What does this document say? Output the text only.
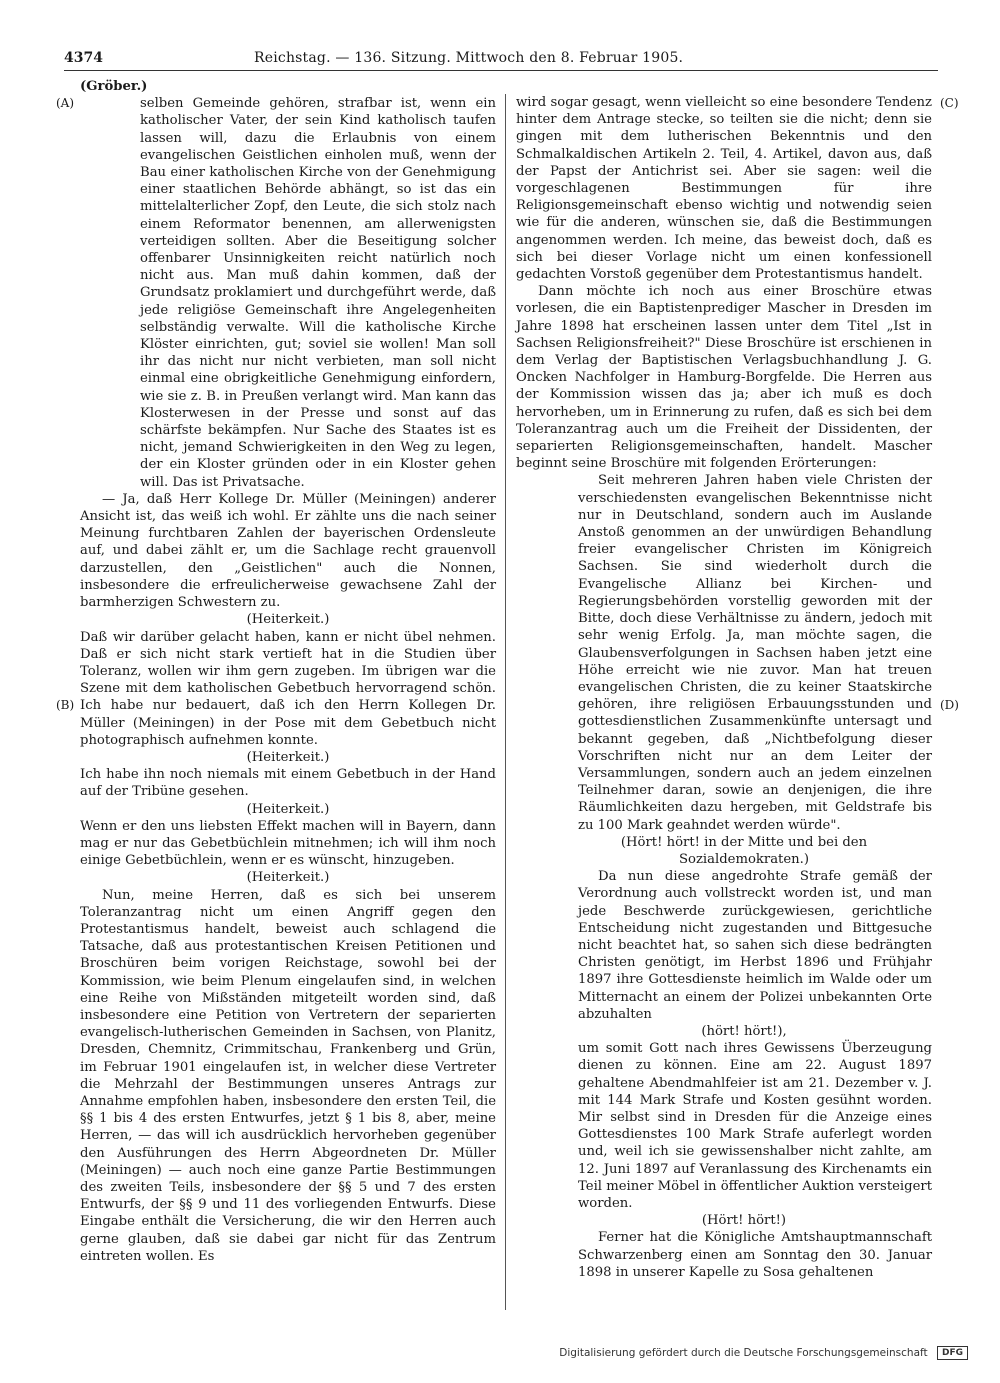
4374	Reichstag. — 136. Sitzung. Mittwoch den 8. Februar 1905.
(A)
(B)
(C)
(D)

(Gröber.)

selben Gemeinde gehören, strafbar ist, wenn ein katholischer Vater, der sein Kind katholisch taufen lassen will, dazu die Erlaubnis von einem evangelischen Geistlichen einholen muß, wenn der Bau einer katholischen Kirche von der Genehmigung einer staatlichen Behörde abhängt, so ist das ein mittelalterlicher Zopf, den Leute, die sich stolz nach einem Reformator benennen, am allerwenigsten verteidigen sollten. Aber die Beseitigung solcher offenbarer Unsinnigkeiten reicht natürlich noch nicht aus. Man muß dahin kommen, daß der Grundsatz proklamiert und durchgeführt werde, daß jede religiöse Gemeinschaft ihre Angelegenheiten selbständig verwalte. Will die katholische Kirche Klöster einrichten, gut; soviel sie wollen! Man soll ihr das nicht nur nicht verbieten, man soll nicht einmal eine obrigkeitliche Genehmigung einfordern, wie sie z. B. in Preußen verlangt wird. Man kann das Klosterwesen in der Presse und sonst auf das schärfste bekämpfen. Nur Sache des Staates ist es nicht, jemand Schwierigkeiten in den Weg zu legen, der ein Kloster gründen oder in ein Kloster gehen will. Das ist Privatsache.

— Ja, daß Herr Kollege Dr. Müller (Meiningen) anderer Ansicht ist, das weiß ich wohl. Er zählte uns die nach seiner Meinung furchtbaren Zahlen der bayerischen Ordensleute auf, und dabei zählt er, um die Sachlage recht grauenvoll darzustellen, den „Geistlichen" auch die Nonnen, insbesondere die erfreulicherweise gewachsene Zahl der barmherzigen Schwestern zu.

(Heiterkeit.)

Daß wir darüber gelacht haben, kann er nicht übel nehmen. Daß er sich nicht stark vertieft hat in die Studien über Toleranz, wollen wir ihm gern zugeben. Im übrigen war die Szene mit dem katholischen Gebetbuch hervorragend schön. Ich habe nur bedauert, daß ich den Herrn Kollegen Dr. Müller (Meiningen) in der Pose mit dem Gebetbuch nicht photographisch aufnehmen konnte.

(Heiterkeit.)

Ich habe ihn noch niemals mit einem Gebetbuch in der Hand auf der Tribüne gesehen.

(Heiterkeit.)

Wenn er den uns liebsten Effekt machen will in Bayern, dann mag er nur das Gebetbüchlein mitnehmen; ich will ihm noch einige Gebetbüchlein, wenn er es wünscht, hinzugeben.

(Heiterkeit.)

Nun, meine Herren, daß es sich bei unserem Toleranzantrag nicht um einen Angriff gegen den Protestantismus handelt, beweist auch schlagend die Tatsache, daß aus protestantischen Kreisen Petitionen und Broschüren beim vorigen Reichstage, sowohl bei der Kommission, wie beim Plenum eingelaufen sind, in welchen eine Reihe von Mißständen mitgeteilt worden sind, daß insbesondere eine Petition von Vertretern der separierten evangelisch-lutherischen Gemeinden in Sachsen, von Planitz, Dresden, Chemnitz, Crimmitschau, Frankenberg und Grün, im Februar 1901 eingelaufen ist, in welcher diese Vertreter die Mehrzahl der Bestimmungen unseres Antrags zur Annahme empfohlen haben, insbesondere den ersten Teil, die §§ 1 bis 4 des ersten Entwurfes, jetzt § 1 bis 8, aber, meine Herren, — das will ich ausdrücklich hervorheben gegenüber den Ausführungen des Herrn Abgeordneten Dr. Müller (Meiningen) — auch noch eine ganze Partie Bestimmungen des zweiten Teils, insbesondere der §§ 5 und 7 des ersten Entwurfs, der §§ 9 und 11 des vorliegenden Entwurfs. Diese Eingabe enthält die Versicherung, die wir den Herren auch gerne glauben, daß sie dabei gar nicht für das Zentrum eintreten wollen. Es

wird sogar gesagt, wenn vielleicht so eine besondere Tendenz hinter dem Antrage stecke, so teilten sie die nicht; denn sie gingen mit dem lutherischen Bekenntnis und den Schmalkaldischen Artikeln 2. Teil, 4. Artikel, davon aus, daß der Papst der Antichrist sei. Aber sie sagen: weil die vorgeschlagenen Bestimmungen für ihre Religionsgemeinschaft ebenso wichtig und notwendig seien wie für die anderen, wünschen sie, daß die Bestimmungen angenommen werden. Ich meine, das beweist doch, daß es sich bei dieser Vorlage nicht um einen konfessionell gedachten Vorstoß gegenüber dem Protestantismus handelt.

Dann möchte ich noch aus einer Broschüre etwas vorlesen, die ein Baptistenprediger Mascher in Dresden im Jahre 1898 hat erscheinen lassen unter dem Titel „Ist in Sachsen Religionsfreiheit?" Diese Broschüre ist erschienen in dem Verlag der Baptistischen Verlagsbuchhandlung J. G. Oncken Nachfolger in Hamburg-Borgfelde. Die Herren aus der Kommission wissen das ja; aber ich muß es doch hervorheben, um in Erinnerung zu rufen, daß es sich bei dem Toleranzantrag auch um die Freiheit der Dissidenten, der separierten Religionsgemeinschaften, handelt. Mascher beginnt seine Broschüre mit folgenden Erörterungen:

Seit mehreren Jahren haben viele Christen der verschiedensten evangelischen Bekenntnisse nicht nur in Deutschland, sondern auch im Auslande Anstoß genommen an der unwürdigen Behandlung freier evangelischer Christen im Königreich Sachsen. Sie sind wiederholt durch die Evangelische Allianz bei Kirchen- und Regierungsbehörden vorstellig geworden mit der Bitte, doch diese Verhältnisse zu ändern, jedoch mit sehr wenig Erfolg. Ja, man möchte sagen, die Glaubensverfolgungen in Sachsen haben jetzt eine Höhe erreicht wie nie zuvor. Man hat treuen evangelischen Christen, die zu keiner Staatskirche gehören, ihre religiösen Erbauungsstunden und gottesdienstlichen Zusammenkünfte untersagt und bekannt gegeben, daß „Nichtbefolgung dieser Vorschriften nicht nur an dem Leiter der Versammlungen, sondern auch an jedem einzelnen Teilnehmer daran, sowie an denjenigen, die ihre Räumlichkeiten dazu hergeben, mit Geldstrafe bis zu 100 Mark geahndet werden würde".

(Hört! hört! in der Mitte und bei den Sozialdemokraten.)

Da nun diese angedrohte Strafe gemäß der Verordnung auch vollstreckt worden ist, und man jede Beschwerde zurückgewiesen, gerichtliche Entscheidung nicht zugestanden und Bittgesuche nicht beachtet hat, so sahen sich diese bedrängten Christen genötigt, im Herbst 1896 und Frühjahr 1897 ihre Gottesdienste heimlich im Walde oder um Mitternacht an einem der Polizei unbekannten Orte abzuhalten

(hört! hört!),

um somit Gott nach ihres Gewissens Überzeugung dienen zu können. Eine am 22. August 1897 gehaltene Abendmahlfeier ist am 21. Dezember v. J. mit 144 Mark Strafe und Kosten gesühnt worden. Mir selbst sind in Dresden für die Anzeige eines Gottesdienstes 100 Mark Strafe auferlegt worden und, weil ich sie gewissenshalber nicht zahlte, am 12. Juni 1897 auf Veranlassung des Kirchenamts ein Teil meiner Möbel in öffentlicher Auktion versteigert worden.

(Hört! hört!)

Ferner hat die Königliche Amtshauptmannschaft Schwarzenberg einen am Sonntag den 30. Januar 1898 in unserer Kapelle zu Sosa gehaltenen

Digitalisierung gefördert durch die Deutsche Forschungsgemeinschaft DFG
